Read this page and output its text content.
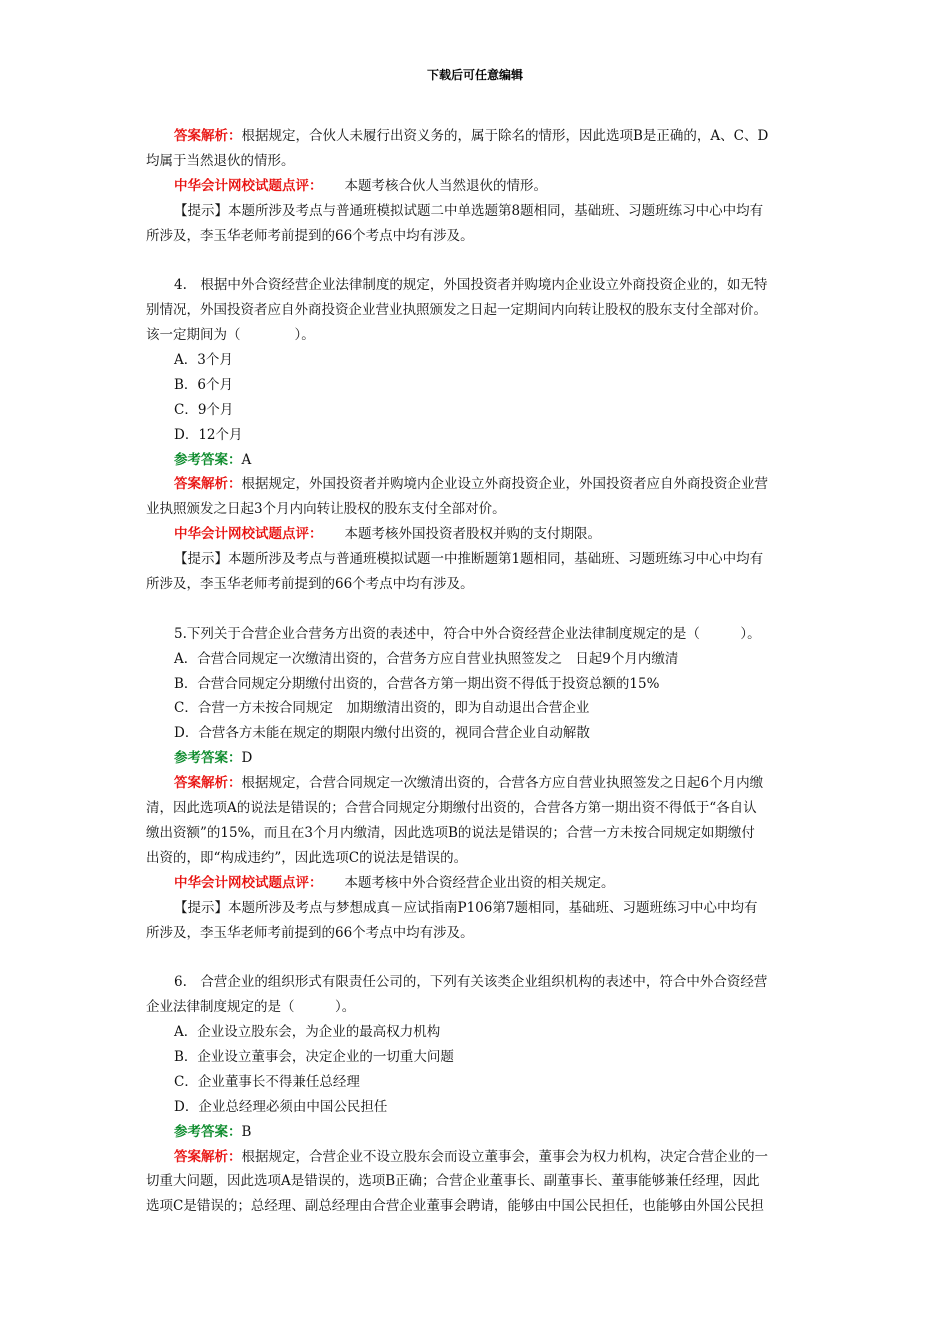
下载后可任意编辑
答案解析：根据规定，合伙人未履行出资义务的，属于除名的情形，因此选项B是正确的，A、C、D
均属于当然退伙的情形。
中华会计网校试题点评： 本题考核合伙人当然退伙的情形。
【提示】本题所涉及考点与普通班模拟试题二中单选题第8题相同，基础班、习题班练习中心中均有
所涉及，李玉华老师考前提到的66个考点中均有涉及。
4.　根据中外合资经营企业法律制度的规定，外国投资者并购境内企业设立外商投资企业的，如无特
别情况，外国投资者应自外商投资企业营业执照颁发之日起一定期间内向转让股权的股东支付全部对价。
该一定期间为（　　　　）。
A．3个月
B．6个月
C．9个月
D．12个月
参考答案：A
答案解析：根据规定，外国投资者并购境内企业设立外商投资企业，外国投资者应自外商投资企业营
业执照颁发之日起3个月内向转让股权的股东支付全部对价。
中华会计网校试题点评： 本题考核外国投资者股权并购的支付期限。
【提示】本题所涉及考点与普通班模拟试题一中推断题第1题相同，基础班、习题班练习中心中均有
所涉及，李玉华老师考前提到的66个考点中均有涉及。
5.下列关于合营企业合营务方出资的表述中，符合中外合资经营企业法律制度规定的是（　　　）。
A．合营合同规定一次缴清出资的，合营务方应自营业执照签发之　日起9个月内缴清
B．合营合同规定分期缴付出资的，合营各方第一期出资不得低于投资总额的15%
C．合营一方未按合同规定　加期缴清出资的，即为自动退出合营企业
D．合营各方未能在规定的期限内缴付出资的，视同合营企业自动解散
参考答案：D
答案解析：根据规定，合营合同规定一次缴清出资的，合营各方应自营业执照签发之日起6个月内缴
清，因此选项A的说法是错误的；合营合同规定分期缴付出资的，合营各方第一期出资不得低于“各自认
缴出资额”的15%，而且在3个月内缴清，因此选项B的说法是错误的；合营一方未按合同规定如期缴付
出资的，即“构成违约”，因此选项C的说法是错误的。
中华会计网校试题点评： 本题考核中外合资经营企业出资的相关规定。
【提示】本题所涉及考点与梦想成真－应试指南P106第7题相同，基础班、习题班练习中心中均有
所涉及，李玉华老师考前提到的66个考点中均有涉及。
6.　合营企业的组织形式有限责任公司的，下列有关该类企业组织机构的表述中，符合中外合资经营
企业法律制度规定的是（　　　）。
A．企业设立股东会，为企业的最高权力机构
B．企业设立董事会，决定企业的一切重大问题
C．企业董事长不得兼任总经理
D．企业总经理必须由中国公民担任
参考答案：B
答案解析：根据规定，合营企业不设立股东会而设立董事会，董事会为权力机构，决定合营企业的一
切重大问题，因此选项A是错误的，选项B正确；合营企业董事长、副董事长、董事能够兼任经理，因此
选项C是错误的；总经理、副总经理由合营企业董事会聘请，能够由中国公民担任，也能够由外国公民担
